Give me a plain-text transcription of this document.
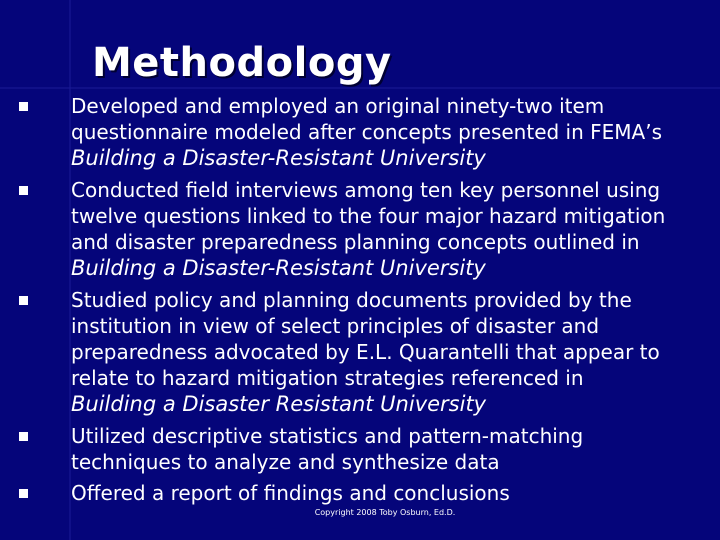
Methodology
Developed and employed an original ninety-two item questionnaire modeled after concepts presented in FEMA’s Building a Disaster-Resistant University
Conducted field interviews among ten key personnel using twelve questions linked to the four major hazard mitigation and disaster preparedness planning concepts outlined in Building a Disaster-Resistant University
Studied policy and planning documents provided by the institution in view of select principles of disaster and preparedness advocated by E.L. Quarantelli that appear to relate to hazard mitigation strategies referenced in Building a Disaster Resistant University
Utilized descriptive statistics and pattern-matching techniques to analyze and synthesize data
Offered a report of findings and conclusions
Copyright 2008 Toby Osburn, Ed.D.
